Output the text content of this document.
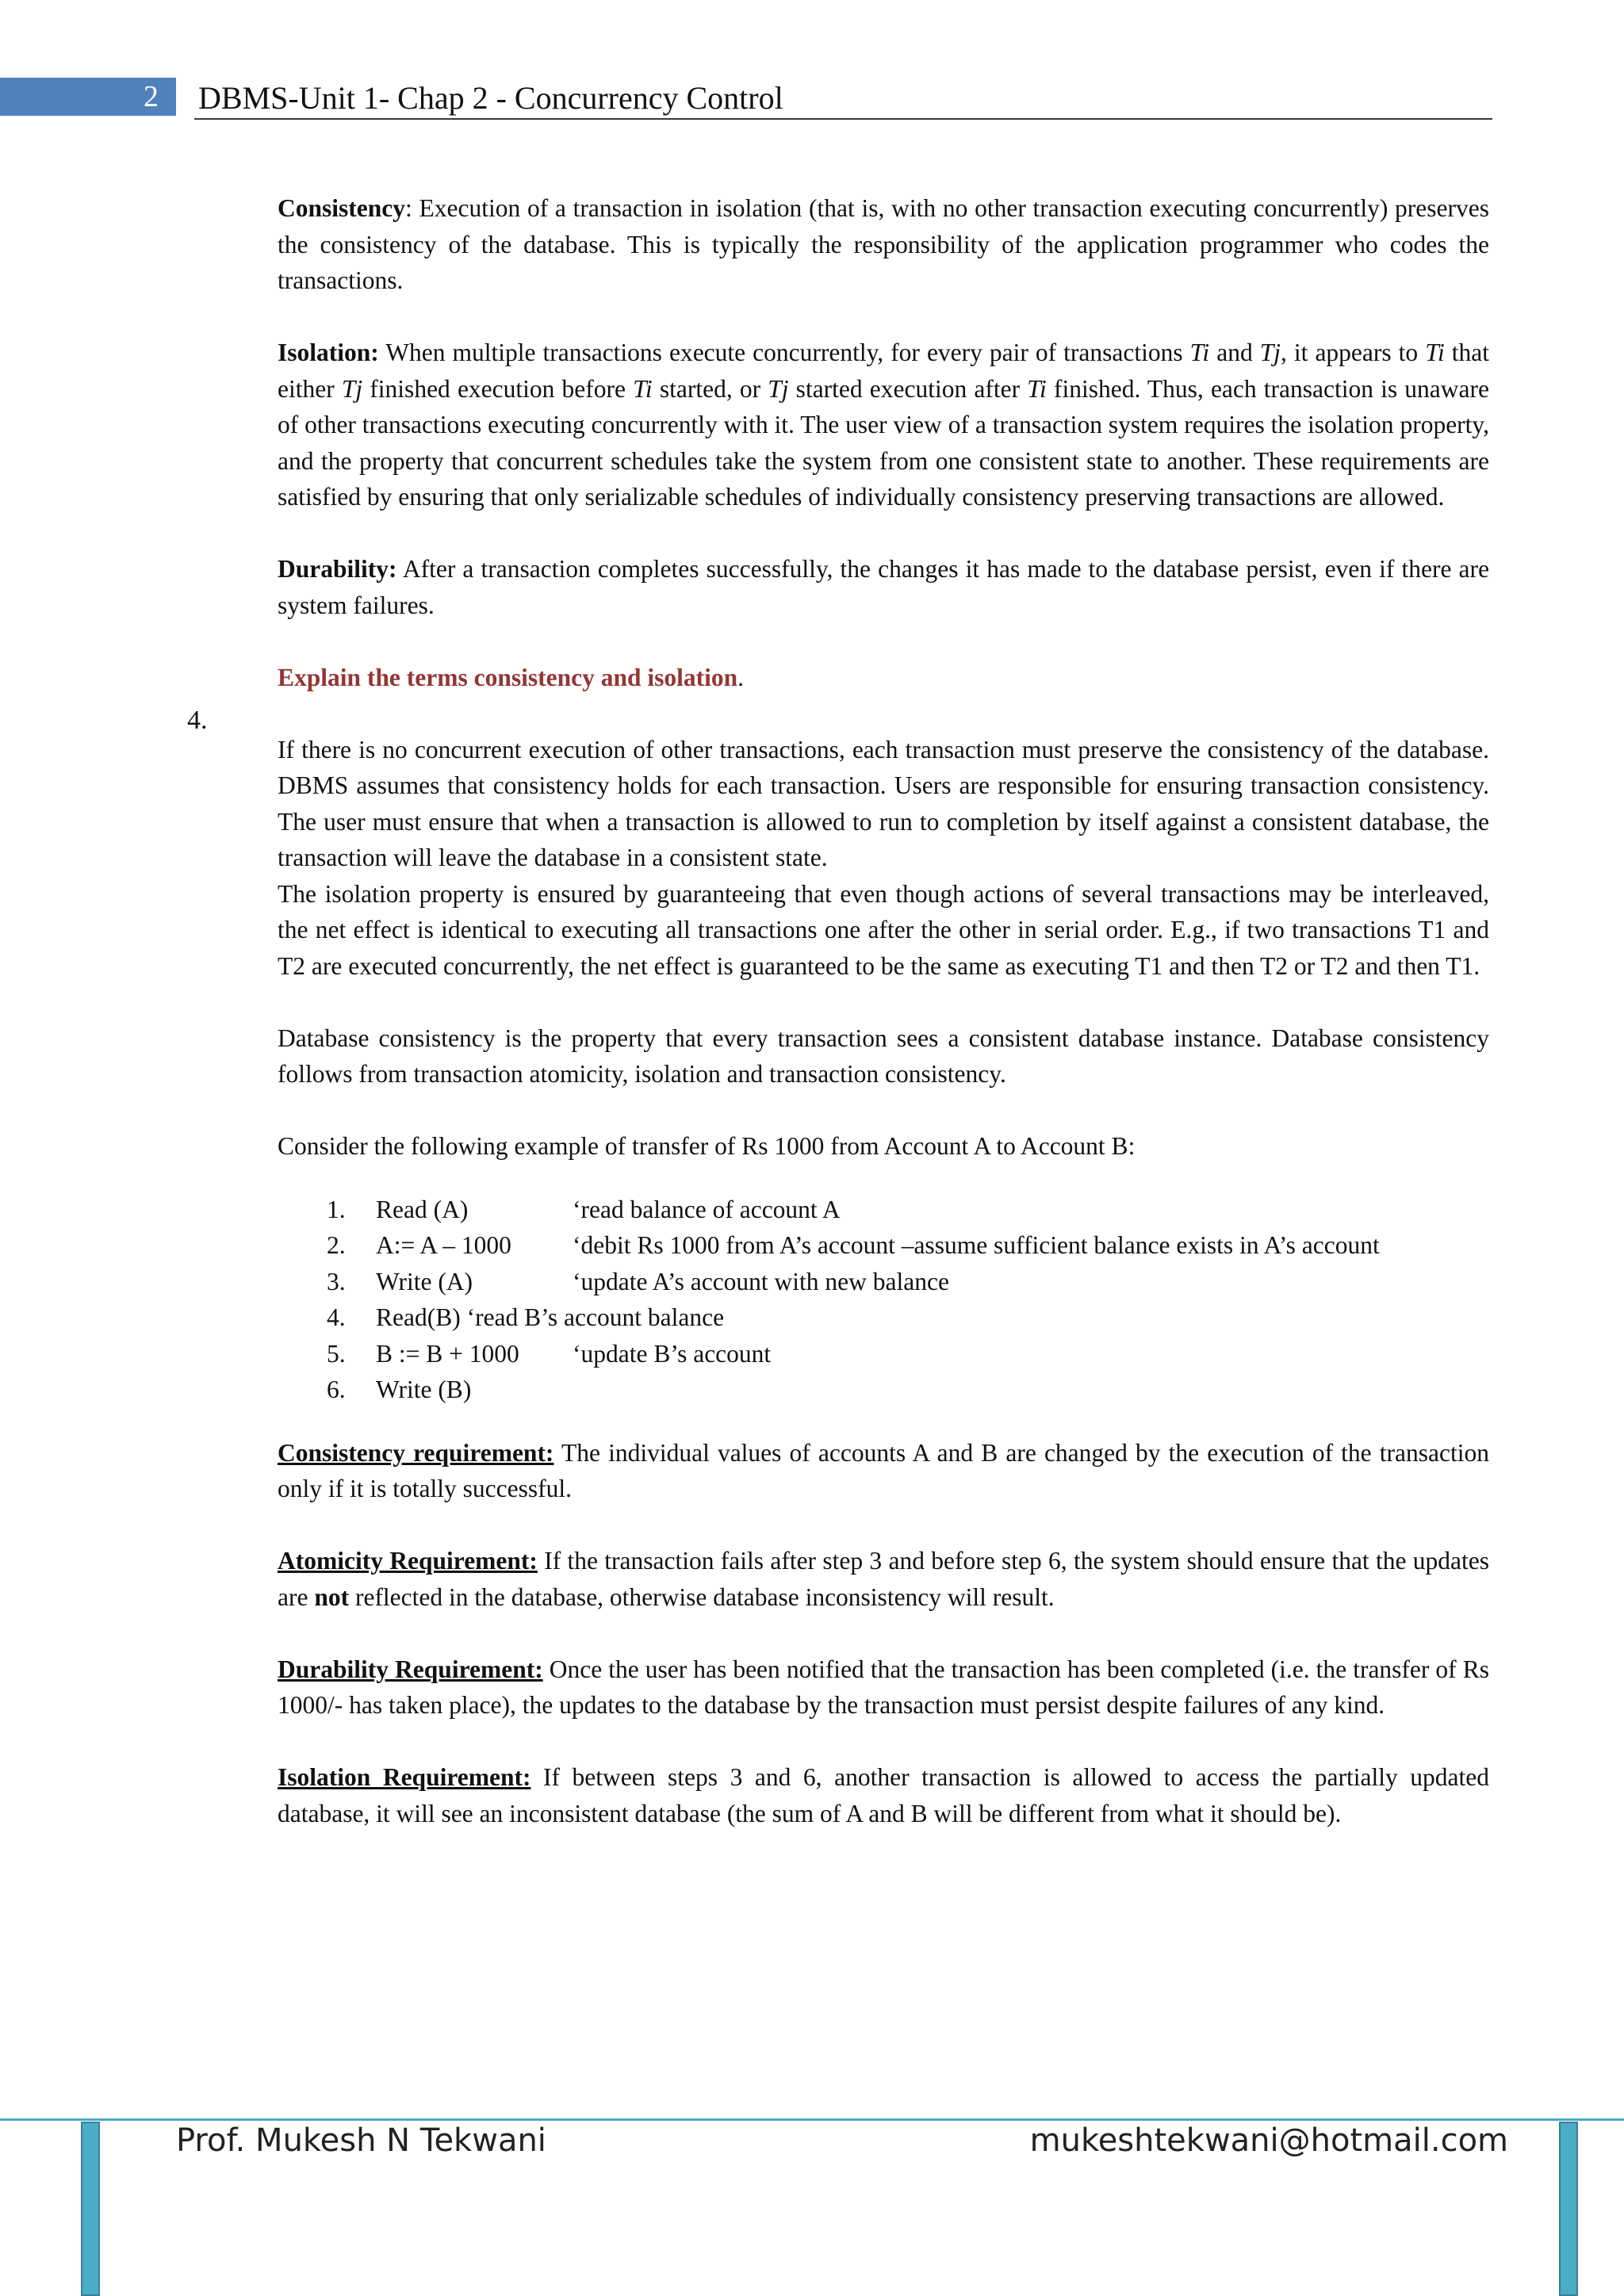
2 DBMS-Unit 1- Chap 2 - Concurrency Control
4.

Consistency: Execution of a transaction in isolation (that is, with no other transaction executing concurrently) preserves the consistency of the database. This is typically the responsibility of the application programmer who codes the transactions.

Isolation: When multiple transactions execute concurrently, for every pair of transactions Ti and Tj, it appears to Ti that either Tj finished execution before Ti started, or Tj started execution after Ti finished. Thus, each transaction is unaware of other transactions executing concurrently with it. The user view of a transaction system requires the isolation property, and the property that concurrent schedules take the system from one consistent state to another. These requirements are satisfied by ensuring that only serializable schedules of individually consistency preserving transactions are allowed.

Durability: After a transaction completes successfully, the changes it has made to the database persist, even if there are system failures.

Explain the terms consistency and isolation.

If there is no concurrent execution of other transactions, each transaction must preserve the consistency of the database. DBMS assumes that consistency holds for each transaction. Users are responsible for ensuring transaction consistency. The user must ensure that when a transaction is allowed to run to completion by itself against a consistent database, the transaction will leave the database in a consistent state.

The isolation property is ensured by guaranteeing that even though actions of several transactions may be interleaved, the net effect is identical to executing all transactions one after the other in serial order. E.g., if two transactions T1 and T2 are executed concurrently, the net effect is guaranteed to be the same as executing T1 and then T2 or T2 and then T1.

Database consistency is the property that every transaction sees a consistent database instance. Database consistency follows from transaction atomicity, isolation and transaction consistency.

Consider the following example of transfer of Rs 1000 from Account A to Account B:

1.	Read (A)	‘read balance of account A
2.	A:= A – 1000	‘debit Rs 1000 from A’s account –assume sufficient balance exists in A’s account
3.	Write (A)	‘update A’s account with new balance
4.	Read(B) ‘read B’s account balance
5.	B := B + 1000	‘update B’s account
6.	Write (B)

Consistency requirement: The individual values of accounts A and B are changed by the execution of the transaction only if it is totally successful.

Atomicity Requirement: If the transaction fails after step 3 and before step 6, the system should ensure that the updates are not reflected in the database, otherwise database inconsistency will result.

Durability Requirement: Once the user has been notified that the transaction has been completed (i.e. the transfer of Rs 1000/- has taken place), the updates to the database by the transaction must persist despite failures of any kind.

Isolation Requirement: If between steps 3 and 6, another transaction is allowed to access the partially updated database, it will see an inconsistent database (the sum of A and B will be different from what it should be).

Prof. Mukesh N Tekwani	mukeshtekwani@hotmail.com
